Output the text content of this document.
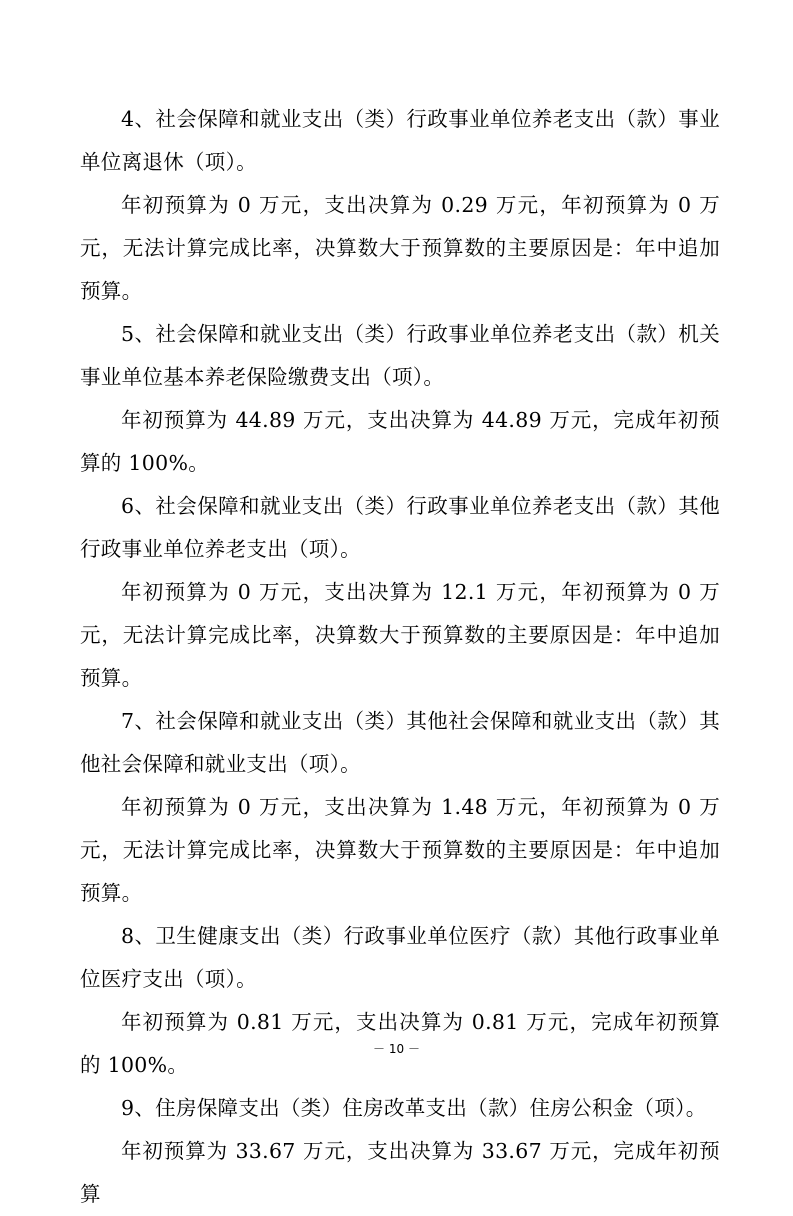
4、社会保障和就业支出（类）行政事业单位养老支出（款）事业单位离退休（项）。

年初预算为 0 万元，支出决算为 0.29 万元，年初预算为 0 万元，无法计算完成比率，决算数大于预算数的主要原因是：年中追加预算。

5、社会保障和就业支出（类）行政事业单位养老支出（款）机关事业单位基本养老保险缴费支出（项）。

年初预算为 44.89 万元，支出决算为 44.89 万元，完成年初预算的 100%。

6、社会保障和就业支出（类）行政事业单位养老支出（款）其他行政事业单位养老支出（项）。

年初预算为 0 万元，支出决算为 12.1 万元，年初预算为 0 万元，无法计算完成比率，决算数大于预算数的主要原因是：年中追加预算。

7、社会保障和就业支出（类）其他社会保障和就业支出（款）其他社会保障和就业支出（项）。

年初预算为 0 万元，支出决算为 1.48 万元，年初预算为 0 万元，无法计算完成比率，决算数大于预算数的主要原因是：年中追加预算。

8、卫生健康支出（类）行政事业单位医疗（款）其他行政事业单位医疗支出（项）。

年初预算为 0.81 万元，支出决算为 0.81 万元，完成年初预算的 100%。

9、住房保障支出（类）住房改革支出（款）住房公积金（项）。

年初预算为 33.67 万元，支出决算为 33.67 万元，完成年初预算

－ 10 －
